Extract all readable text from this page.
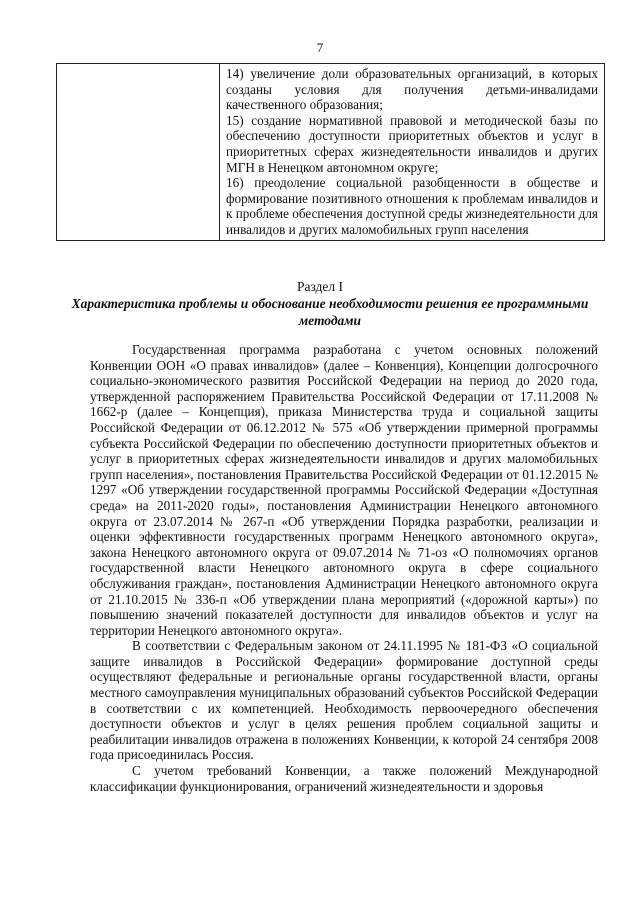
7

14) увеличение доли образовательных организаций, в которых созданы условия для получения детьми-инвалидами качественного образования;
15) создание нормативной правовой и методической базы по обеспечению доступности приоритетных объектов и услуг в приоритетных сферах жизнедеятельности инвалидов и других МГН в Ненецком автономном округе;
16) преодоление социальной разобщенности в обществе и формирование позитивного отношения к проблемам инвалидов и к проблеме обеспечения доступной среды жизнедеятельности для инвалидов и других маломобильных групп населения
Раздел I
Характеристика проблемы и обоснование необходимости решения ее программными методами

Государственная программа разработана с учетом основных положений Конвенции ООН «О правах инвалидов» (далее – Конвенция), Концепции долгосрочного социально-экономического развития Российской Федерации на период до 2020 года, утвержденной распоряжением Правительства Российской Федерации от 17.11.2008 № 1662-р (далее – Концепция), приказа Министерства труда и социальной защиты Российской Федерации от 06.12.2012 № 575 «Об утверждении примерной программы субъекта Российской Федерации по обеспечению доступности приоритетных объектов и услуг в приоритетных сферах жизнедеятельности инвалидов и других маломобильных групп населения», постановления Правительства Российской Федерации от 01.12.2015 № 1297 «Об утверждении государственной программы Российской Федерации «Доступная среда» на 2011-2020 годы», постановления Администрации Ненецкого автономного округа от 23.07.2014 № 267-п «Об утверждении Порядка разработки, реализации и оценки эффективности государственных программ Ненецкого автономного округа», закона Ненецкого автономного округа от 09.07.2014 № 71-оз «О полномочиях органов государственной власти Ненецкого автономного округа в сфере социального обслуживания граждан», постановления Администрации Ненецкого автономного округа от 21.10.2015 № 336-п «Об утверждении плана мероприятий («дорожной карты») по повышению значений показателей доступности для инвалидов объектов и услуг на территории Ненецкого автономного округа».

В соответствии с Федеральным законом от 24.11.1995 № 181-ФЗ «О социальной защите инвалидов в Российской Федерации» формирование доступной среды осуществляют федеральные и региональные органы государственной власти, органы местного самоуправления муниципальных образований субъектов Российской Федерации в соответствии с их компетенцией. Необходимость первоочередного обеспечения доступности объектов и услуг в целях решения проблем социальной защиты и реабилитации инвалидов отражена в положениях Конвенции, к которой 24 сентября 2008 года присоединилась Россия.

С учетом требований Конвенции, а также положений Международной классификации функционирования, ограничений жизнедеятельности и здоровья
